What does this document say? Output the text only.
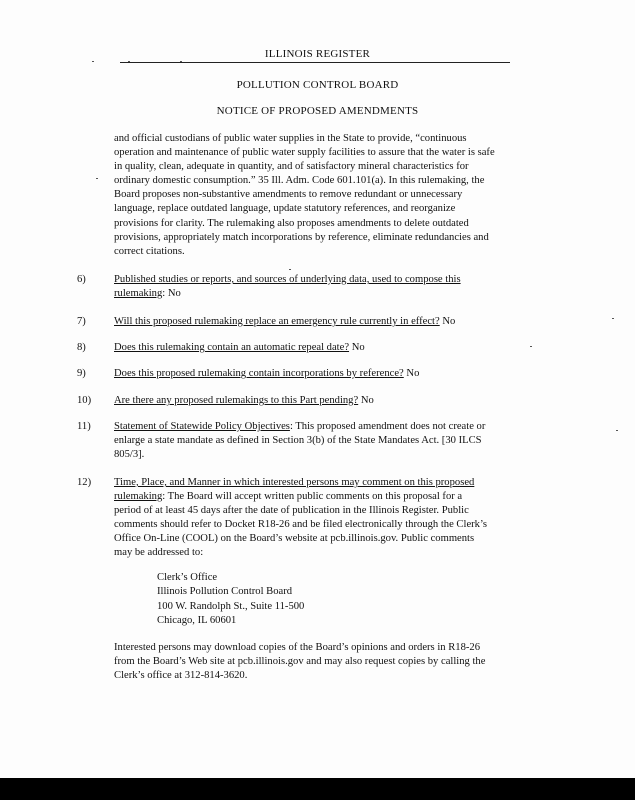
ILLINOIS REGISTER
POLLUTION CONTROL BOARD
NOTICE OF PROPOSED AMENDMENTS
and official custodians of public water supplies in the State to provide, “continuous
operation and maintenance of public water supply facilities to assure that the water is safe
in quality, clean, adequate in quantity, and of satisfactory mineral characteristics for
ordinary domestic consumption.” 35 Ill. Adm. Code 601.101(a). In this rulemaking, the
Board proposes non-substantive amendments to remove redundant or unnecessary
language, replace outdated language, update statutory references, and reorganize
provisions for clarity. The rulemaking also proposes amendments to delete outdated
provisions, appropriately match incorporations by reference, eliminate redundancies and
correct citations.
6)	Published studies or reports, and sources of underlying data, used to compose this
rulemaking: No
7)	Will this proposed rulemaking replace an emergency rule currently in effect? No
8)	Does this rulemaking contain an automatic repeal date? No
9)	Does this proposed rulemaking contain incorporations by reference? No
10) Are there any proposed rulemakings to this Part pending? No
11) Statement of Statewide Policy Objectives: This proposed amendment does not create or
enlarge a state mandate as defined in Section 3(b) of the State Mandates Act. [30 ILCS
805/3].
12) Time, Place, and Manner in which interested persons may comment on this proposed
rulemaking: The Board will accept written public comments on this proposal for a
period of at least 45 days after the date of publication in the Illinois Register. Public
comments should refer to Docket R18-26 and be filed electronically through the Clerk’s
Office On-Line (COOL) on the Board’s website at pcb.illinois.gov. Public comments
may be addressed to:
Clerk’s Office
Illinois Pollution Control Board
100 W. Randolph St., Suite 11-500
Chicago, IL 60601
Interested persons may download copies of the Board’s opinions and orders in R18-26
from the Board’s Web site at pcb.illinois.gov and may also request copies by calling the
Clerk’s office at 312-814-3620.
